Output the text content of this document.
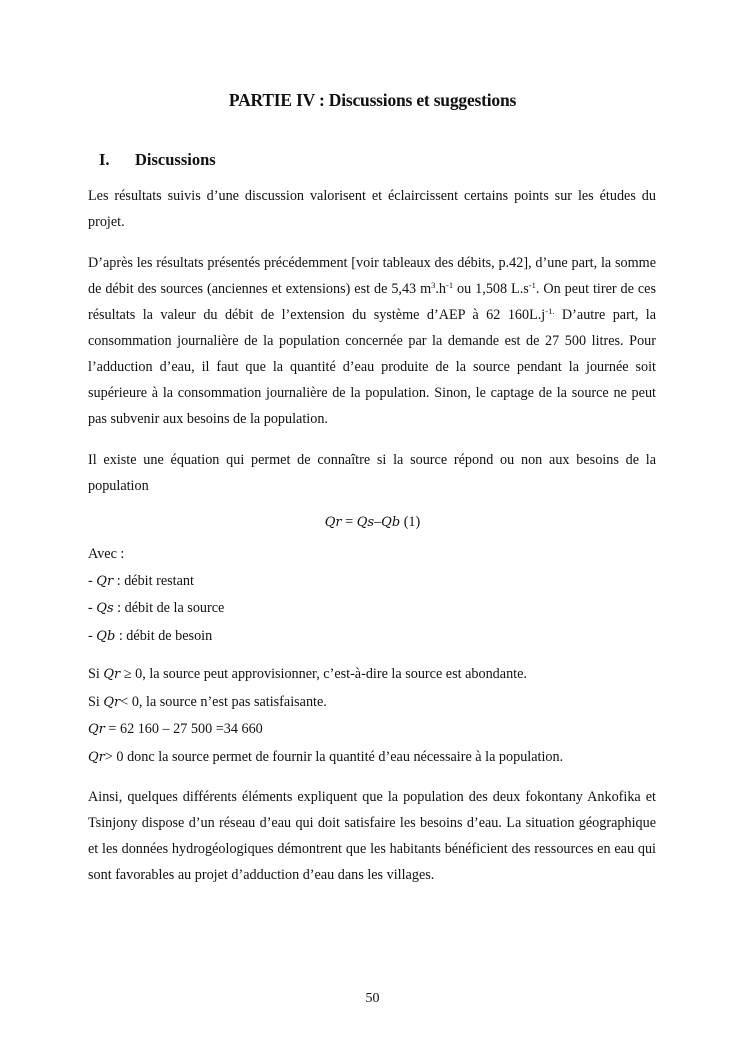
PARTIE IV : Discussions et suggestions
I. Discussions
Les résultats suivis d’une discussion valorisent et éclaircissent certains points sur les études du projet.
D’après les résultats présentés précédemment [voir tableaux des débits, p.42], d’une part, la somme de débit des sources (anciennes et extensions) est de 5,43 $m^3.h^{-1}$ ou 1,508 $L.s^{-1}$. On peut tirer de ces résultats la valeur du débit de l’extension du système d’AEP à 62 $160L.j^{-1.}$ D’autre part, la consommation journalière de la population concernée par la demande est de 27 500 litres. Pour l’adduction d’eau, il faut que la quantité d’eau produite de la source pendant la journée soit supérieure à la consommation journalière de la population. Sinon, le captage de la source ne peut pas subvenir aux besoins de la population.
Il existe une équation qui permet de connaître si la source répond ou non aux besoins de la population
Qr = Qs–Qb (1)
Avec :
- Qr : débit restant
- Qs : débit de la source
- Qb : débit de besoin
Si Qr ≥ 0, la source peut approvisionner, c’est-à-dire la source est abondante.
Si Qr< 0, la source n’est pas satisfaisante.
Qr = 62 160 – 27 500 =34 660
Qr> 0 donc la source permet de fournir la quantité d’eau nécessaire à la population.
Ainsi, quelques différents éléments expliquent que la population des deux fokontany Ankofika et Tsinjony dispose d’un réseau d’eau qui doit satisfaire les besoins d’eau. La situation géographique et les données hydrogéologiques démontrent que les habitants bénéficient des ressources en eau qui sont favorables au projet d’adduction d’eau dans les villages.
50
